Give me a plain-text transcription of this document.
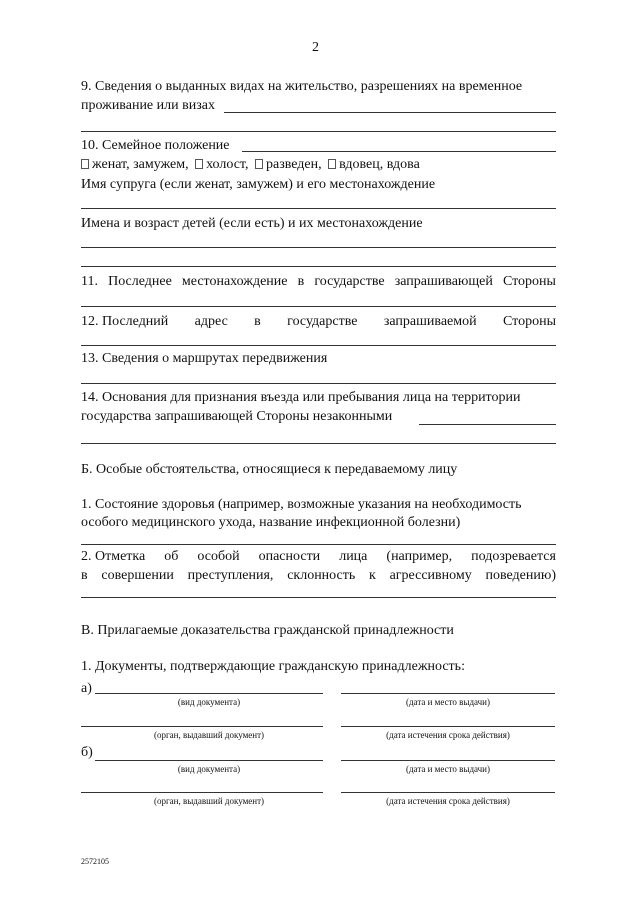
2
9. Сведения о выданных видах на жительство, разрешениях на временное
проживание или визах
10. Семейное положение
женат, замужем, холост, разведен, вдовец, вдова
Имя супруга (если женат, замужем) и его местонахождение
Имена и возраст детей (если есть) и их местонахождение
11. Последнее местонахождение в государстве запрашивающей Стороны
12. Последний адрес в государстве запрашиваемой Стороны
13. Сведения о маршрутах передвижения
14. Основания для признания въезда или пребывания лица на территории
государства запрашивающей Стороны незаконными
Б. Особые обстоятельства, относящиеся к передаваемому лицу
1. Состояние здоровья (например, возможные указания на необходимость
особого медицинского ухода, название инфекционной болезни)
2. Отметка об особой опасности лица (например, подозревается
в совершении преступления, склонность к агрессивному поведению)
В. Прилагаемые доказательства гражданской принадлежности
1. Документы, подтверждающие гражданскую принадлежность:
а)
(вид документа)	(дата и место выдачи)
(орган, выдавший документ)	(дата истечения срока действия)
б)
(вид документа)	(дата и место выдачи)
(орган, выдавший документ)	(дата истечения срока действия)
2572105
